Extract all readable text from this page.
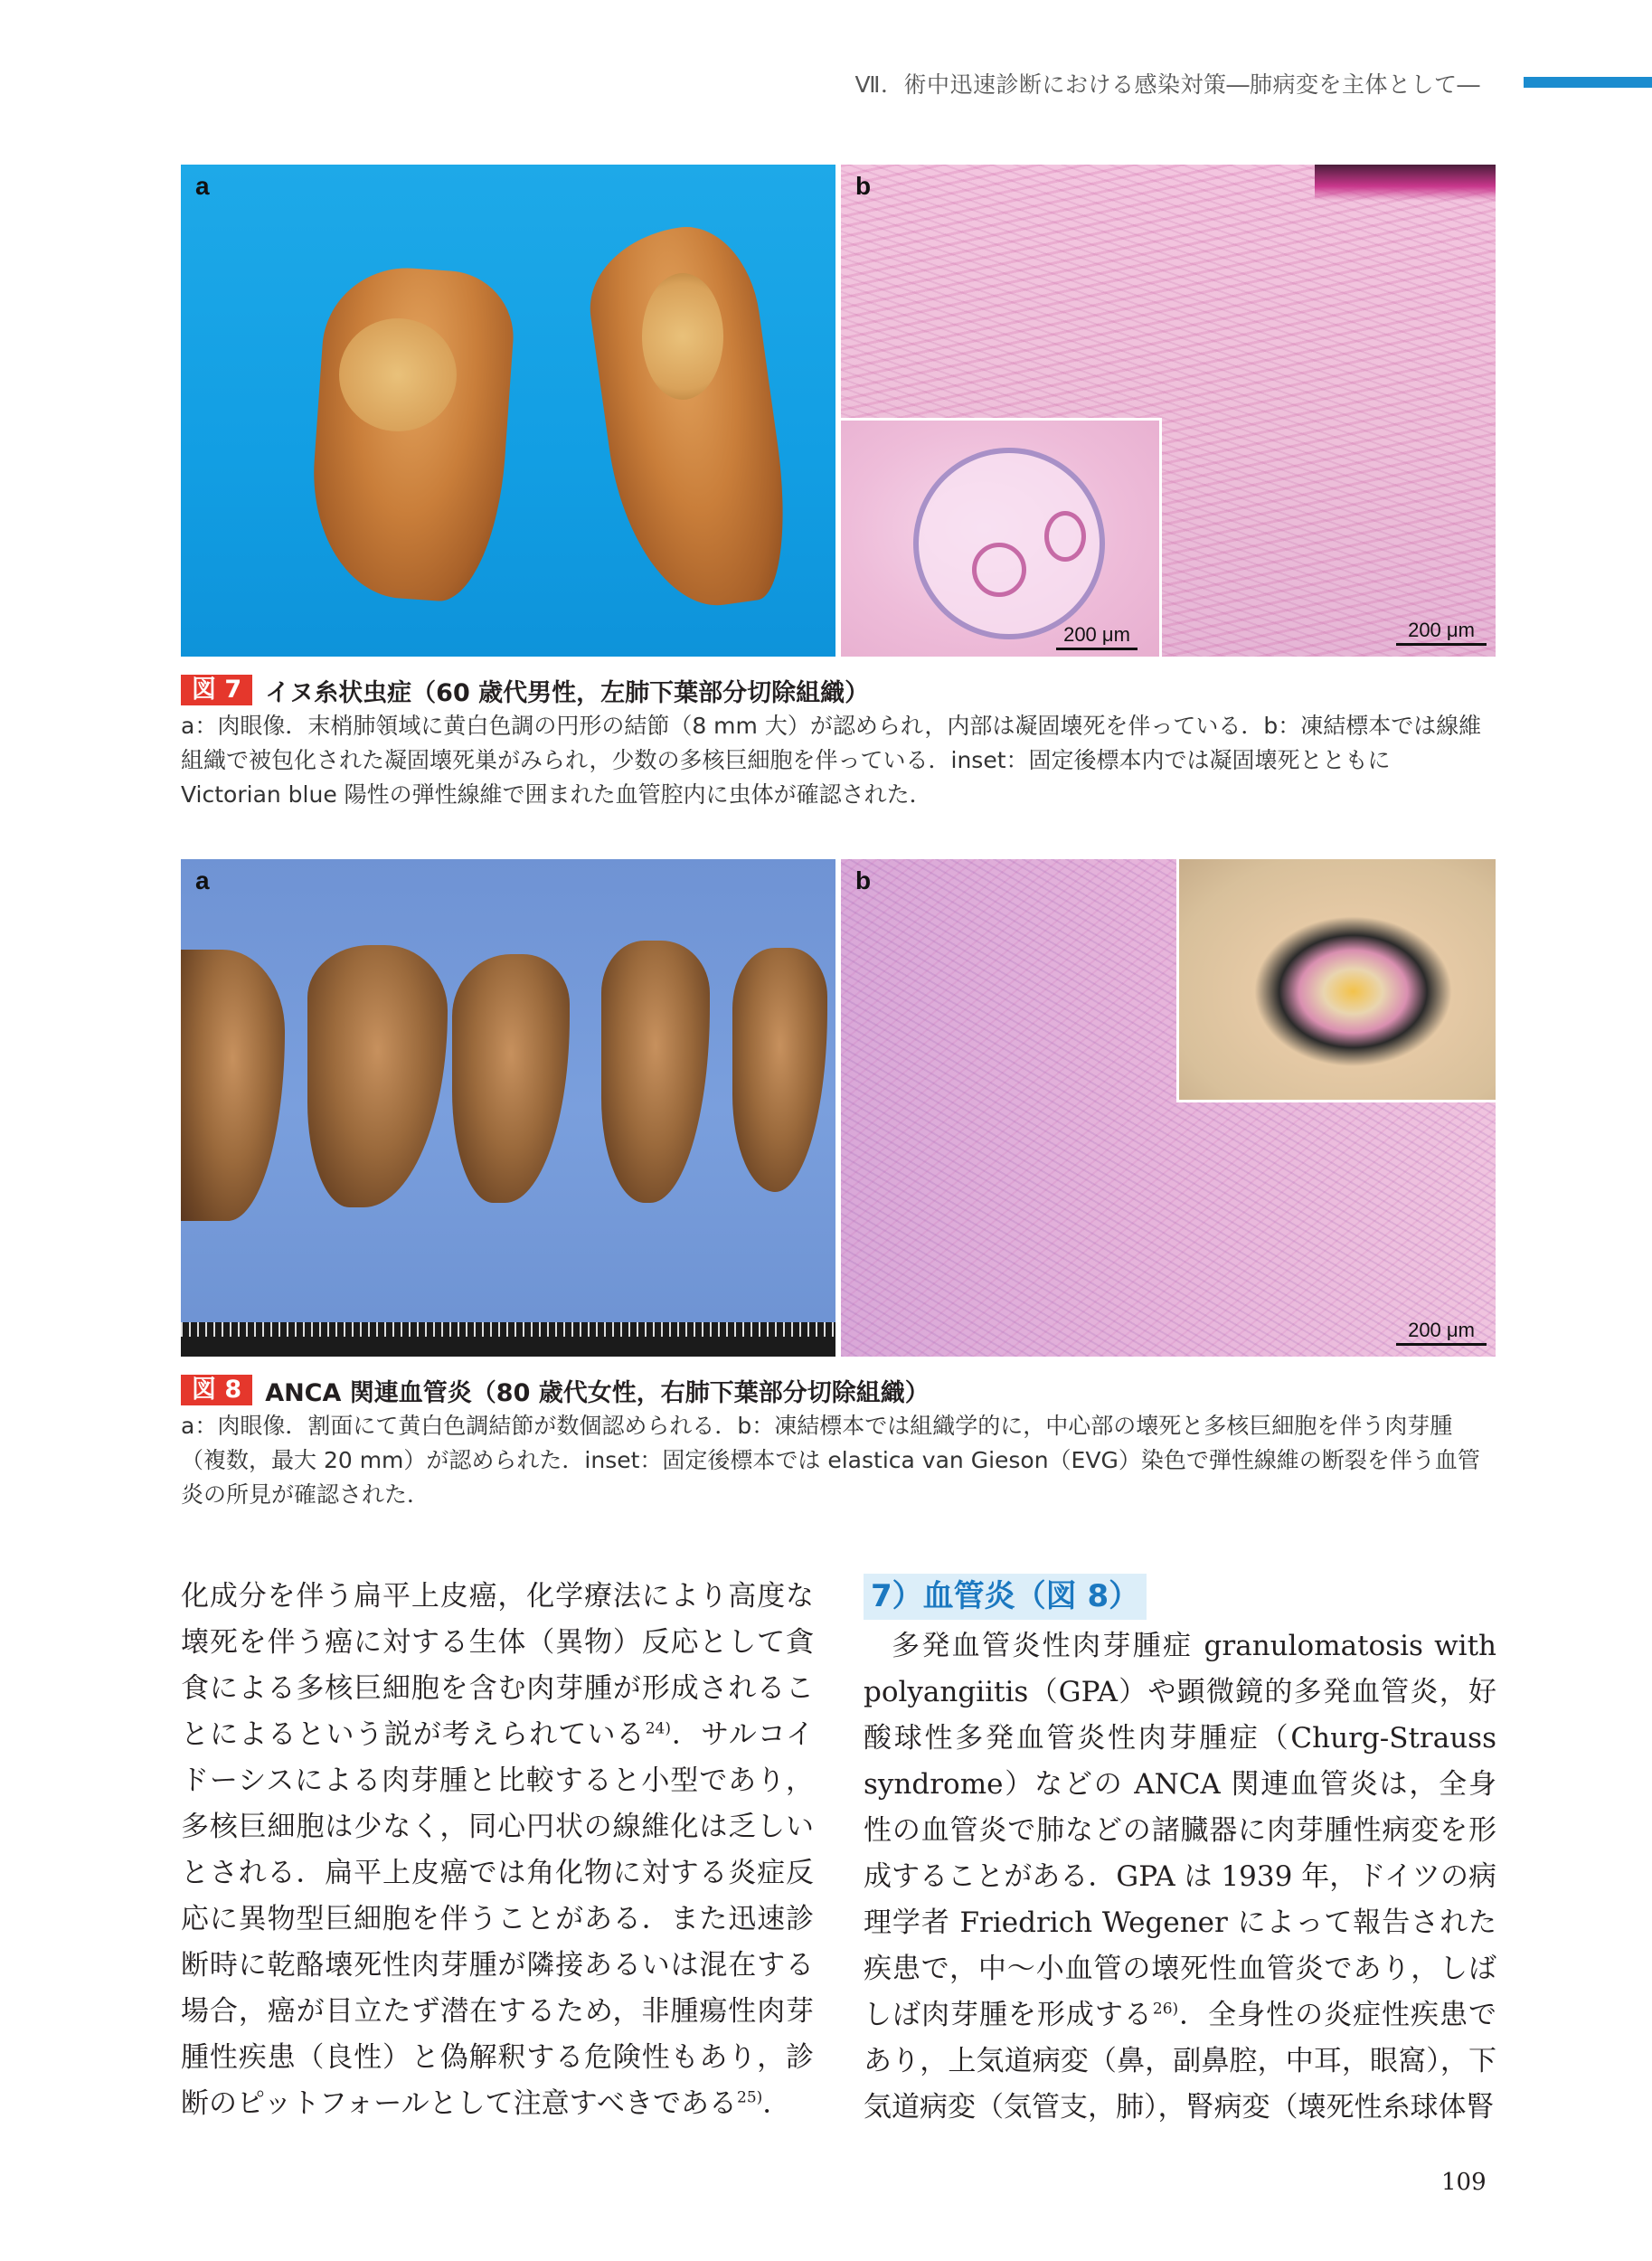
Ⅶ．術中迅速診断における感染対策―肺病変を主体として―
a
200 μm
b
200 μm
図 7 イヌ糸状虫症（60 歳代男性，左肺下葉部分切除組織）
a：肉眼像．末梢肺領域に黄白色調の円形の結節（8 mm 大）が認められ，内部は凝固壊死を伴っている．b：凍結標本では線維組織で被包化された凝固壊死巣がみられ，少数の多核巨細胞を伴っている．inset：固定後標本内では凝固壊死とともに Victorian blue 陽性の弾性線維で囲まれた血管腔内に虫体が確認された．
a	b
200 μm
図 8 ANCA 関連血管炎（80 歳代女性，右肺下葉部分切除組織）
a：肉眼像．割面にて黄白色調結節が数個認められる．b：凍結標本では組織学的に，中心部の壊死と多核巨細胞を伴う肉芽腫（複数，最大 20 mm）が認められた．inset：固定後標本では elastica van Gieson（EVG）染色で弾性線維の断裂を伴う血管炎の所見が確認された．
化成分を伴う扁平上皮癌，化学療法により高度な壊死を伴う癌に対する生体（異物）反応として貪食による多核巨細胞を含む肉芽腫が形成されることによるという説が考えられている$^{24)}$．サルコイドーシスによる肉芽腫と比較すると小型であり，多核巨細胞は少なく，同心円状の線維化は乏しいとされる．扁平上皮癌では角化物に対する炎症反応に異物型巨細胞を伴うことがある．また迅速診断時に乾酪壊死性肉芽腫が隣接あるいは混在する場合，癌が目立たず潜在するため，非腫瘍性肉芽腫性疾患（良性）と偽解釈する危険性もあり，診断のピットフォールとして注意すべきである$^{25)}$．
7）血管炎（図 8）
多発血管炎性肉芽腫症 granulomatosis with polyangiitis（GPA）や顕微鏡的多発血管炎，好酸球性多発血管炎性肉芽腫症（Churg-Strauss syndrome）などの ANCA 関連血管炎は，全身性の血管炎で肺などの諸臓器に肉芽腫性病変を形成することがある．GPA は 1939 年，ドイツの病理学者 Friedrich Wegener によって報告された疾患で，中〜小血管の壊死性血管炎であり，しばしば肉芽腫を形成する$^{26)}$．全身性の炎症性疾患であり，上気道病変（鼻，副鼻腔，中耳，眼窩），下気道病変（気管支，肺），腎病変（壊死性糸球体腎
109
